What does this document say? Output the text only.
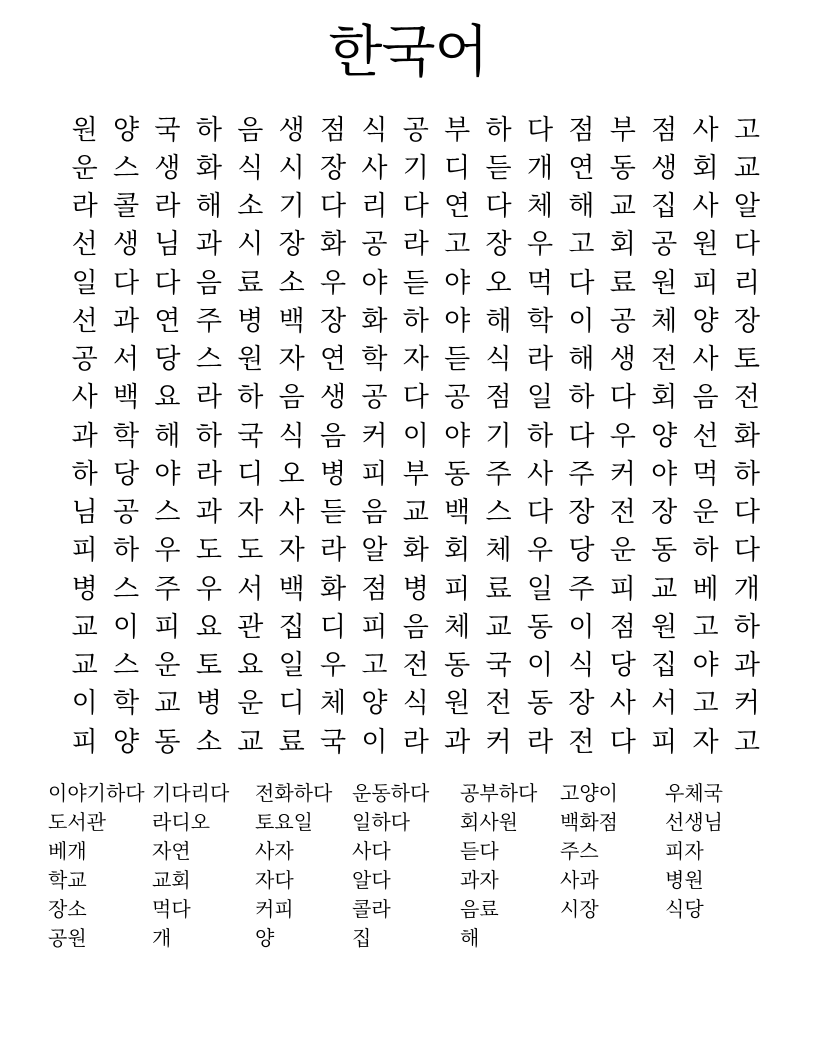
한국어
원 양 국 하 음 생 점 식 공 부 하 다 점 부 점 사 고
운 스 생 화 식 시 장 사 기 디 듣 개 연 동 생 회 교
라 콜 라 해 소 기 다 리 다 연 다 체 해 교 집 사 알
선 생 님 과 시 장 화 공 라 고 장 우 고 회 공 원 다
일 다 다 음 료 소 우 야 듣 야 오 먹 다 료 원 피 리
선 과 연 주 병 백 장 화 하 야 해 학 이 공 체 양 장
공 서 당 스 원 자 연 학 자 듣 식 라 해 생 전 사 토
사 백 요 라 하 음 생 공 다 공 점 일 하 다 회 음 전
과 학 해 하 국 식 음 커 이 야 기 하 다 우 양 선 화
하 당 야 라 디 오 병 피 부 동 주 사 주 커 야 먹 하
님 공 스 과 자 사 듣 음 교 백 스 다 장 전 장 운 다
피 하 우 도 도 자 라 알 화 회 체 우 당 운 동 하 다
병 스 주 우 서 백 화 점 병 피 료 일 주 피 교 베 개
교 이 피 요 관 집 디 피 음 체 교 동 이 점 원 고 하
교 스 운 토 요 일 우 고 전 동 국 이 식 당 집 야 과
이 학 교 병 운 디 체 양 식 원 전 동 장 사 서 고 커
피 양 동 소 교 료 국 이 라 과 커 라 전 다 피 자 고
이야기하다
도서관
베개
학교
장소
공원
기다리다
라디오
자연
교회
먹다
개
전화하다
토요일
사자
자다
커피
양
운동하다
일하다
사다
알다
콜라
집
공부하다
회사원
듣다
과자
음료
해
고양이
백화점
주스
사과
시장
우체국
선생님
피자
병원
식당
